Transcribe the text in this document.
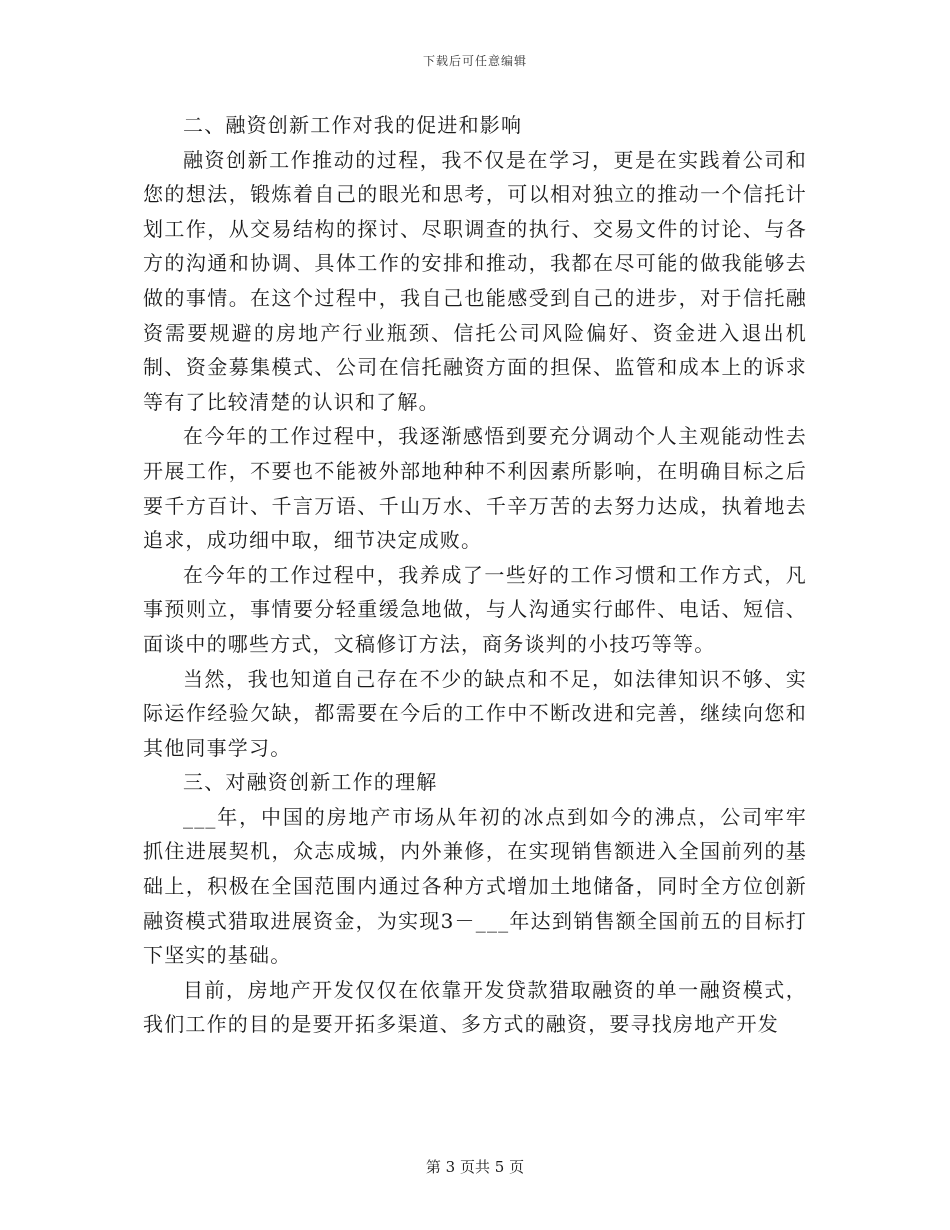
下载后可任意编辑

二、融资创新工作对我的促进和影响

融资创新工作推动的过程，我不仅是在学习，更是在实践着公司和您的想法，锻炼着自己的眼光和思考，可以相对独立的推动一个信托计划工作，从交易结构的探讨、尽职调查的执行、交易文件的讨论、与各方的沟通和协调、具体工作的安排和推动，我都在尽可能的做我能够去做的事情。在这个过程中，我自己也能感受到自己的进步，对于信托融资需要规避的房地产行业瓶颈、信托公司风险偏好、资金进入退出机制、资金募集模式、公司在信托融资方面的担保、监管和成本上的诉求等有了比较清楚的认识和了解。

在今年的工作过程中，我逐渐感悟到要充分调动个人主观能动性去开展工作，不要也不能被外部地种种不利因素所影响，在明确目标之后要千方百计、千言万语、千山万水、千辛万苦的去努力达成，执着地去追求，成功细中取，细节决定成败。

在今年的工作过程中，我养成了一些好的工作习惯和工作方式，凡事预则立，事情要分轻重缓急地做，与人沟通实行邮件、电话、短信、面谈中的哪些方式，文稿修订方法，商务谈判的小技巧等等。

当然，我也知道自己存在不少的缺点和不足，如法律知识不够、实际运作经验欠缺，都需要在今后的工作中不断改进和完善，继续向您和其他同事学习。

三、对融资创新工作的理解

___年，中国的房地产市场从年初的冰点到如今的沸点，公司牢牢抓住进展契机，众志成城，内外兼修，在实现销售额进入全国前列的基础上，积极在全国范围内通过各种方式增加土地储备，同时全方位创新融资模式猎取进展资金，为实现3－___年达到销售额全国前五的目标打下坚实的基础。

目前，房地产开发仅仅在依靠开发贷款猎取融资的单一融资模式，我们工作的目的是要开拓多渠道、多方式的融资，要寻找房地产开发

第 3 页共 5 页
